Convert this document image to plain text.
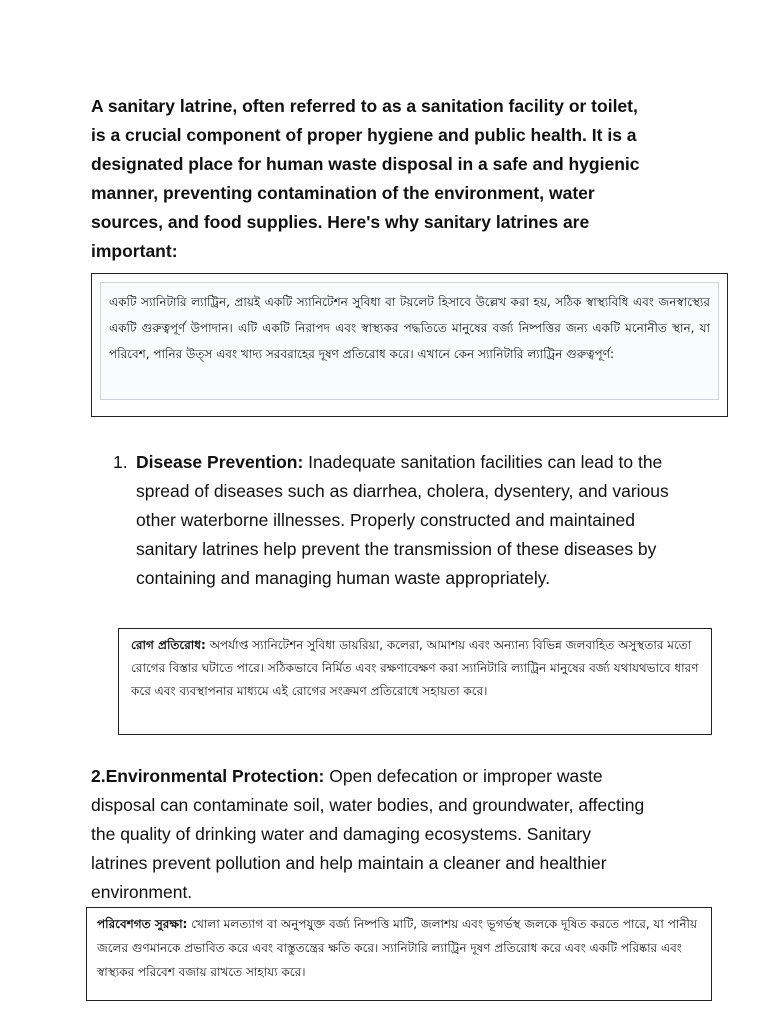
A sanitary latrine, often referred to as a sanitation facility or toilet, is a crucial component of proper hygiene and public health. It is a designated place for human waste disposal in a safe and hygienic manner, preventing contamination of the environment, water sources, and food supplies. Here's why sanitary latrines are important:

একটি স্যানিটারি ল্যাট্রিন, প্রায়ই একটি স্যানিটেশন সুবিধা বা টয়লেট হিসাবে উল্লেখ করা হয়, সঠিক স্বাস্থ্যবিধি এবং জনস্বাস্থ্যের একটি গুরুত্বপূর্ণ উপাদান। এটি একটি নিরাপদ এবং স্বাস্থ্যকর পদ্ধতিতে মানুষের বর্জ্য নিষ্পত্তির জন্য একটি মনোনীত স্থান, যা পরিবেশ, পানির উত্স এবং খাদ্য সরবরাহের দূষণ প্রতিরোধ করে। এখানে কেন স্যানিটারি ল্যাট্রিন গুরুত্বপূর্ণ:
1. Disease Prevention: Inadequate sanitation facilities can lead to the spread of diseases such as diarrhea, cholera, dysentery, and various other waterborne illnesses. Properly constructed and maintained sanitary latrines help prevent the transmission of these diseases by containing and managing human waste appropriately.
রোগ প্রতিরোধ: অপর্যাপ্ত স্যানিটেশন সুবিধা ডায়রিয়া, কলেরা, আমাশয় এবং অন্যান্য বিভিন্ন জলবাহিত অসুস্থতার মতো রোগের বিস্তার ঘটাতে পারে। সঠিকভাবে নির্মিত এবং রক্ষণাবেক্ষণ করা স্যানিটারি ল্যাট্রিন মানুষের বর্জ্য যথাযথভাবে ধারণ করে এবং ব্যবস্থাপনার মাধ্যমে এই রোগের সংক্রমণ প্রতিরোধে সহায়তা করে।
2.Environmental Protection: Open defecation or improper waste disposal can contaminate soil, water bodies, and groundwater, affecting the quality of drinking water and damaging ecosystems. Sanitary latrines prevent pollution and help maintain a cleaner and healthier environment.
পরিবেশগত সুরক্ষা: খোলা মলত্যাগ বা অনুপযুক্ত বর্জ্য নিষ্পত্তি মাটি, জলাশয় এবং ভূগর্ভস্থ জলকে দূষিত করতে পারে, যা পানীয় জলের গুণমানকে প্রভাবিত করে এবং বাস্তুতন্ত্রের ক্ষতি করে। স্যানিটারি ল্যাট্রিন দূষণ প্রতিরোধ করে এবং একটি পরিষ্কার এবং স্বাস্থ্যকর পরিবেশ বজায় রাখতে সাহায্য করে।
